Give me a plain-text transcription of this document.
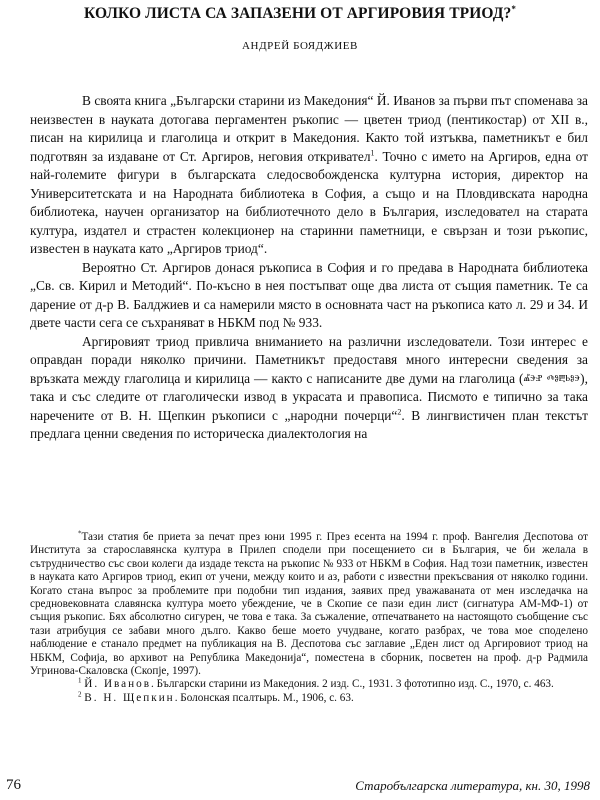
КОЛКО ЛИСТА СА ЗАПАЗЕНИ ОТ АРГИРОВИЯ ТРИОД?*
АНДРЕЙ БОЯДЖИЕВ

В своята книга „Български старини из Македония“ Й. Иванов за първи път споменава за неизвестен в науката дотогава пергаментен ръкопис — цветен триод (пентикостар) от XII в., писан на кирилица и глаголица и открит в Македония. Както той изтъква, паметникът е бил подготвян за издаване от Ст. Аргиров, неговия откривател$^1$. Точно с името на Аргиров, една от най-големите фигури в българската следосвобожденска културна история, директор на Университетската и на Народната библиотека в София, а също и на Пловдивската народна библиотека, научен организатор на библиотечното дело в България, изследовател на старата култура, издател и страстен колекционер на старинни паметници, е свързан и този ръкопис, известен в науката като „Аргиров триод“.

Вероятно Ст. Аргиров донася ръкописа в София и го предава в Народната библиотека „Св. св. Кирил и Методий“. По-късно в нея постъпват още два листа от същия паметник. Те са дарение от д-р В. Балджиев и са намерили място в основната част на ръкописа като л. 29 и 34. И двете части сега се съхраняват в НБКМ под № 933.

Аргировият триод привлича вниманието на различни изследователи. Този интерес е оправдан поради няколко причини. Паметникът предоставя много интересни сведения за връзката между глаголица и кирилица — както с написаните две думи на глаголица (ⰼⰵⱀ ⰴⱁⰱⱃⱁⰵ), така и със следите от глаголически извод в украсата и правописа. Писмото е типично за така наречените от В. Н. Щепкин ръкописи с „народни почерци“$^2$. В лингвистичен план текстът предлага ценни сведения по историческа диалектология на

*Тази статия бе приета за печат през юни 1995 г. През есента на 1994 г. проф. Вангелия Деспотова от Института за старославянска култура в Прилеп сподели при посещението си в България, че би желала в сътрудничество със свои колеги да издаде текста на ръкопис № 933 от НБКМ в София. Над този паметник, известен в науката като Аргиров триод, екип от учени, между които и аз, работи с известни прекъсвания от няколко години. Когато стана въпрос за проблемите при подобни тип издания, заявих пред уважаваната от мен изследачка на средновековната славянска култура моето убеждение, че в Скопие се пази един лист (сигнатура АМ-МФ-1) от същия ръкопис. Бях абсолютно сигурен, че това е така. За съжаление, отпечатването на настоящото съобщение със тази атрибуция се забави много дълго. Какво беше моето учудване, когато разбрах, че това мое споделено наблюдение е станало предмет на публикация на В. Деспотова със заглавие „Еден лист од Аргировиот триод на НБКМ, Софија, во архивот на Република Македонија“, поместена в сборник, посветен на проф. д-р Радмила Угринова-Скаловска (Скопје, 1997).

$^1$ Й. Иванов. Български старини из Македония. 2 изд. С., 1931. 3 фототипно изд. С., 1970, с. 463.

$^2$ В. Н. Щепкин. Болонская псалтырь. М., 1906, с. 63.

76	Старобългарска литература, кн. 30, 1998
